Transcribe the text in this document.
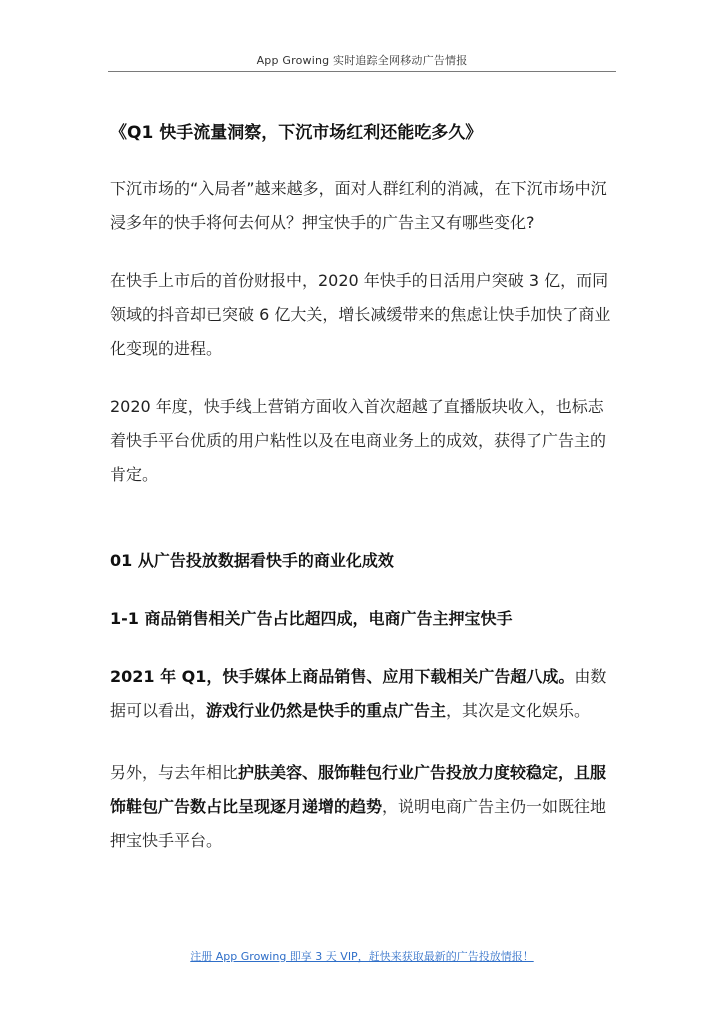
App Growing 实时追踪全网移动广告情报
《Q1 快手流量洞察，下沉市场红利还能吃多久》
下沉市场的“入局者”越来越多，面对人群红利的消减，在下沉市场中沉浸多年的快手将何去何从？押宝快手的广告主又有哪些变化?
在快手上市后的首份财报中，2020 年快手的日活用户突破 3 亿，而同领域的抖音却已突破 6 亿大关，增长减缓带来的焦虑让快手加快了商业化变现的进程。
2020 年度，快手线上营销方面收入首次超越了直播版块收入，也标志着快手平台优质的用户粘性以及在电商业务上的成效，获得了广告主的肯定。
01 从广告投放数据看快手的商业化成效
1-1 商品销售相关广告占比超四成，电商广告主押宝快手
2021 年 Q1，快手媒体上商品销售、应用下载相关广告超八成。由数据可以看出，游戏行业仍然是快手的重点广告主，其次是文化娱乐。
另外，与去年相比护肤美容、服饰鞋包行业广告投放力度较稳定，且服饰鞋包广告数占比呈现逐月递增的趋势，说明电商广告主仍一如既往地押宝快手平台。
注册 App Growing 即享 3 天 VIP，赶快来获取最新的广告投放情报！
